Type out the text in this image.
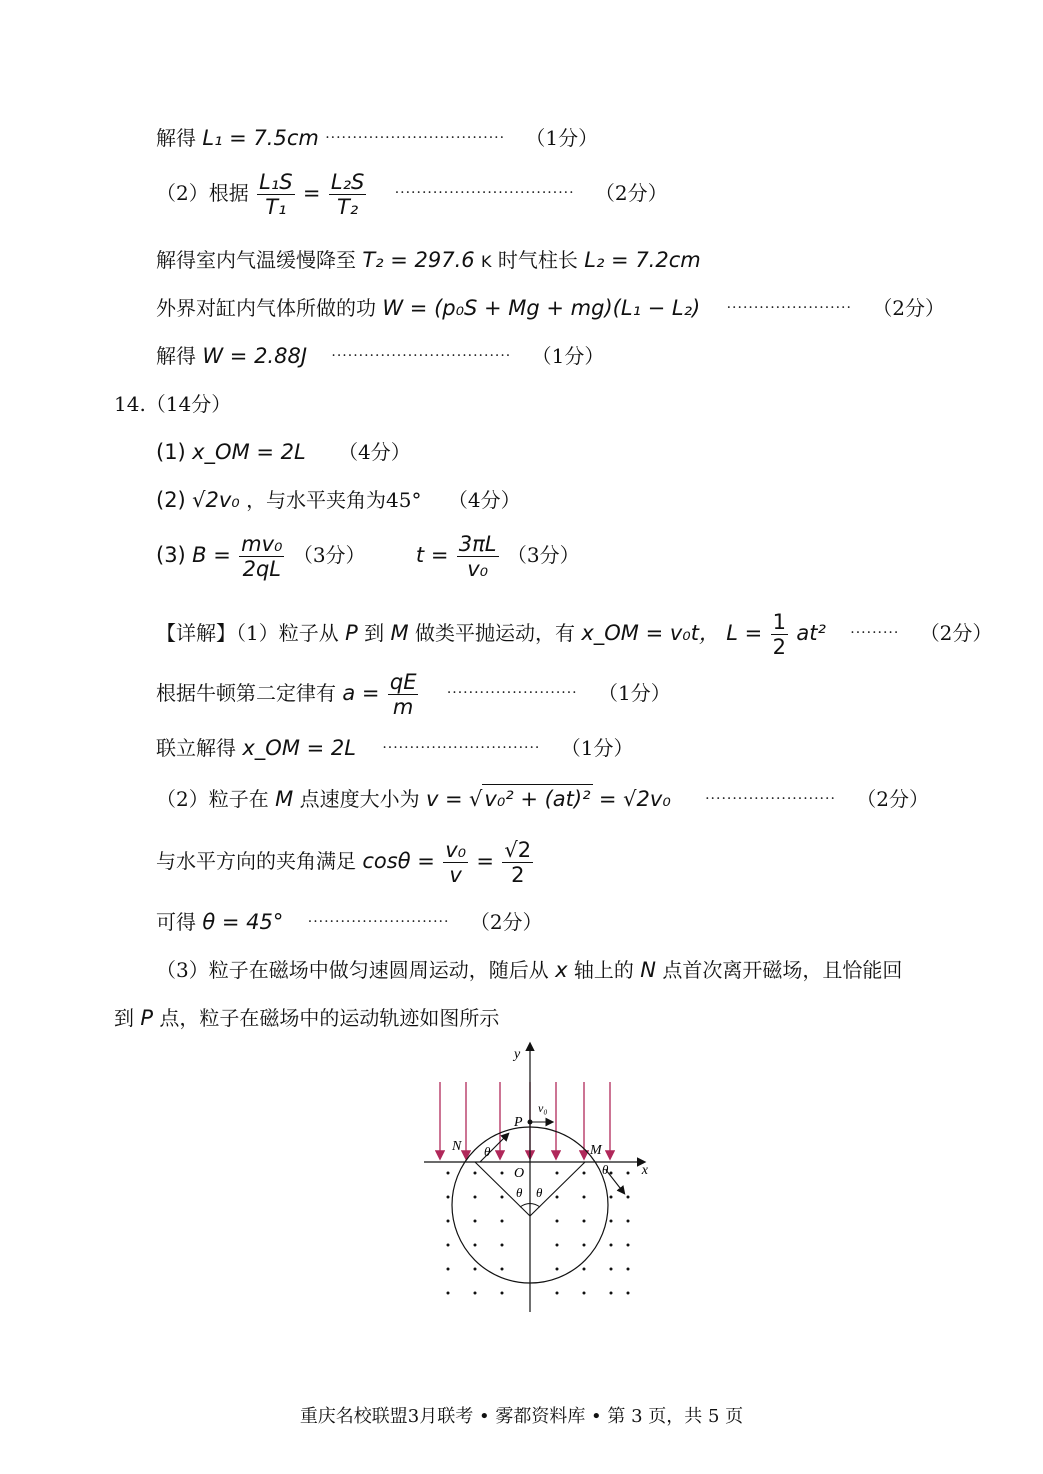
解得 L₁ = 7.5cm ································· （1分）
（2）根据 $\frac{\text{L₁S}}{\text{T₁}} = \frac{\text{L₂S}}{\text{T₂}}$ ································· （2分）
解得室内气温缓慢降至 T₂ = 297.6 K 时气柱长 L₂ = 7.2cm
外界对缸内气体所做的功 W = (p₀S + Mg + mg)(L₁ − L₂) ······················· （2分）
解得 W = 2.88J ································· （1分）
14.（14分）
(1) x_OM = 2L （4分）
(2) √2v₀ ，与水平夹角为45° （4分）
(3) $B = \frac{\text{mv₀}}{2qL} (3$分） $t = \frac{3\pi L}{\text{v₀}} (3$分）
【详解】（1）粒子从 P 到 M 做类平抛运动，有 x_OM = v₀t， $L = \frac{1}{2} at^2$ ········· （2分）
根据牛顿第二定律有 $a = \frac{qE}{m}$ ························ （1分）
联立解得 x_OM = 2L ····························· （1分）
（2）粒子在 M 点速度大小为 v = √v₀² + (at)² = √2v₀ ························ （2分）
与水平方向的夹角满足 $\cos\theta = \frac{\text{v₀}}{v} = \frac{√2}{2}$
可得 θ = 45° ·························· （2分）
（3）粒子在磁场中做匀速圆周运动，随后从 x 轴上的 N 点首次离开磁场，且恰能回
到 P 点，粒子在磁场中的运动轨迹如图所示
y
x
O
P
v₀
N	M
θ
θ
θ θ
重庆名校联盟3月联考 • 雾都资料库 • 第 3 页，共 5 页
